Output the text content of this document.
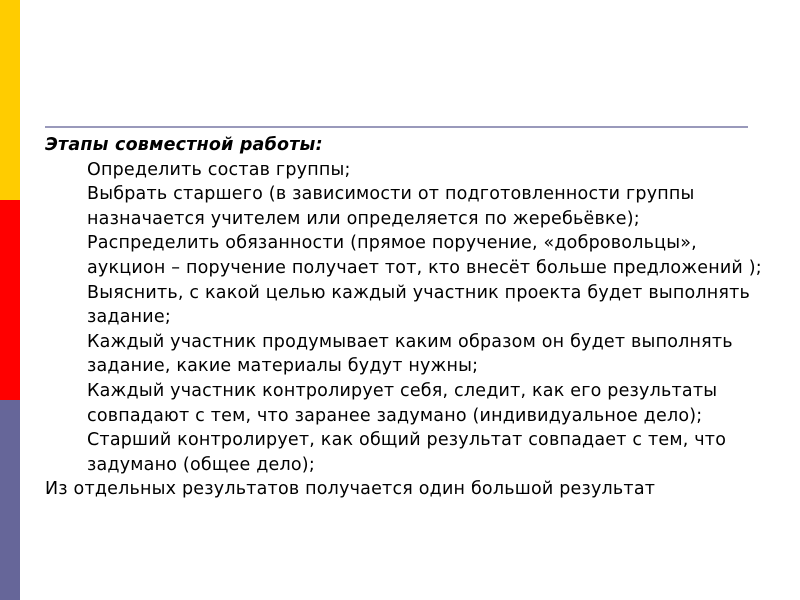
Этапы совместной работы:

Определить состав группы;
Выбрать старшего (в зависимости от подготовленности группы назначается учителем или определяется по жеребьёвке);
Распределить обязанности (прямое поручение, «добровольцы», аукцион – поручение получает тот, кто внесёт больше предложений );
Выяснить, с какой целью каждый участник проекта будет выполнять задание;
Каждый участник продумывает каким образом он будет выполнять задание, какие материалы будут нужны;
Каждый участник контролирует себя, следит, как его результаты совпадают с тем, что заранее задумано (индивидуальное дело);
Старший контролирует, как общий результат совпадает с тем, что задумано (общее дело);

Из отдельных результатов получается один большой результат
